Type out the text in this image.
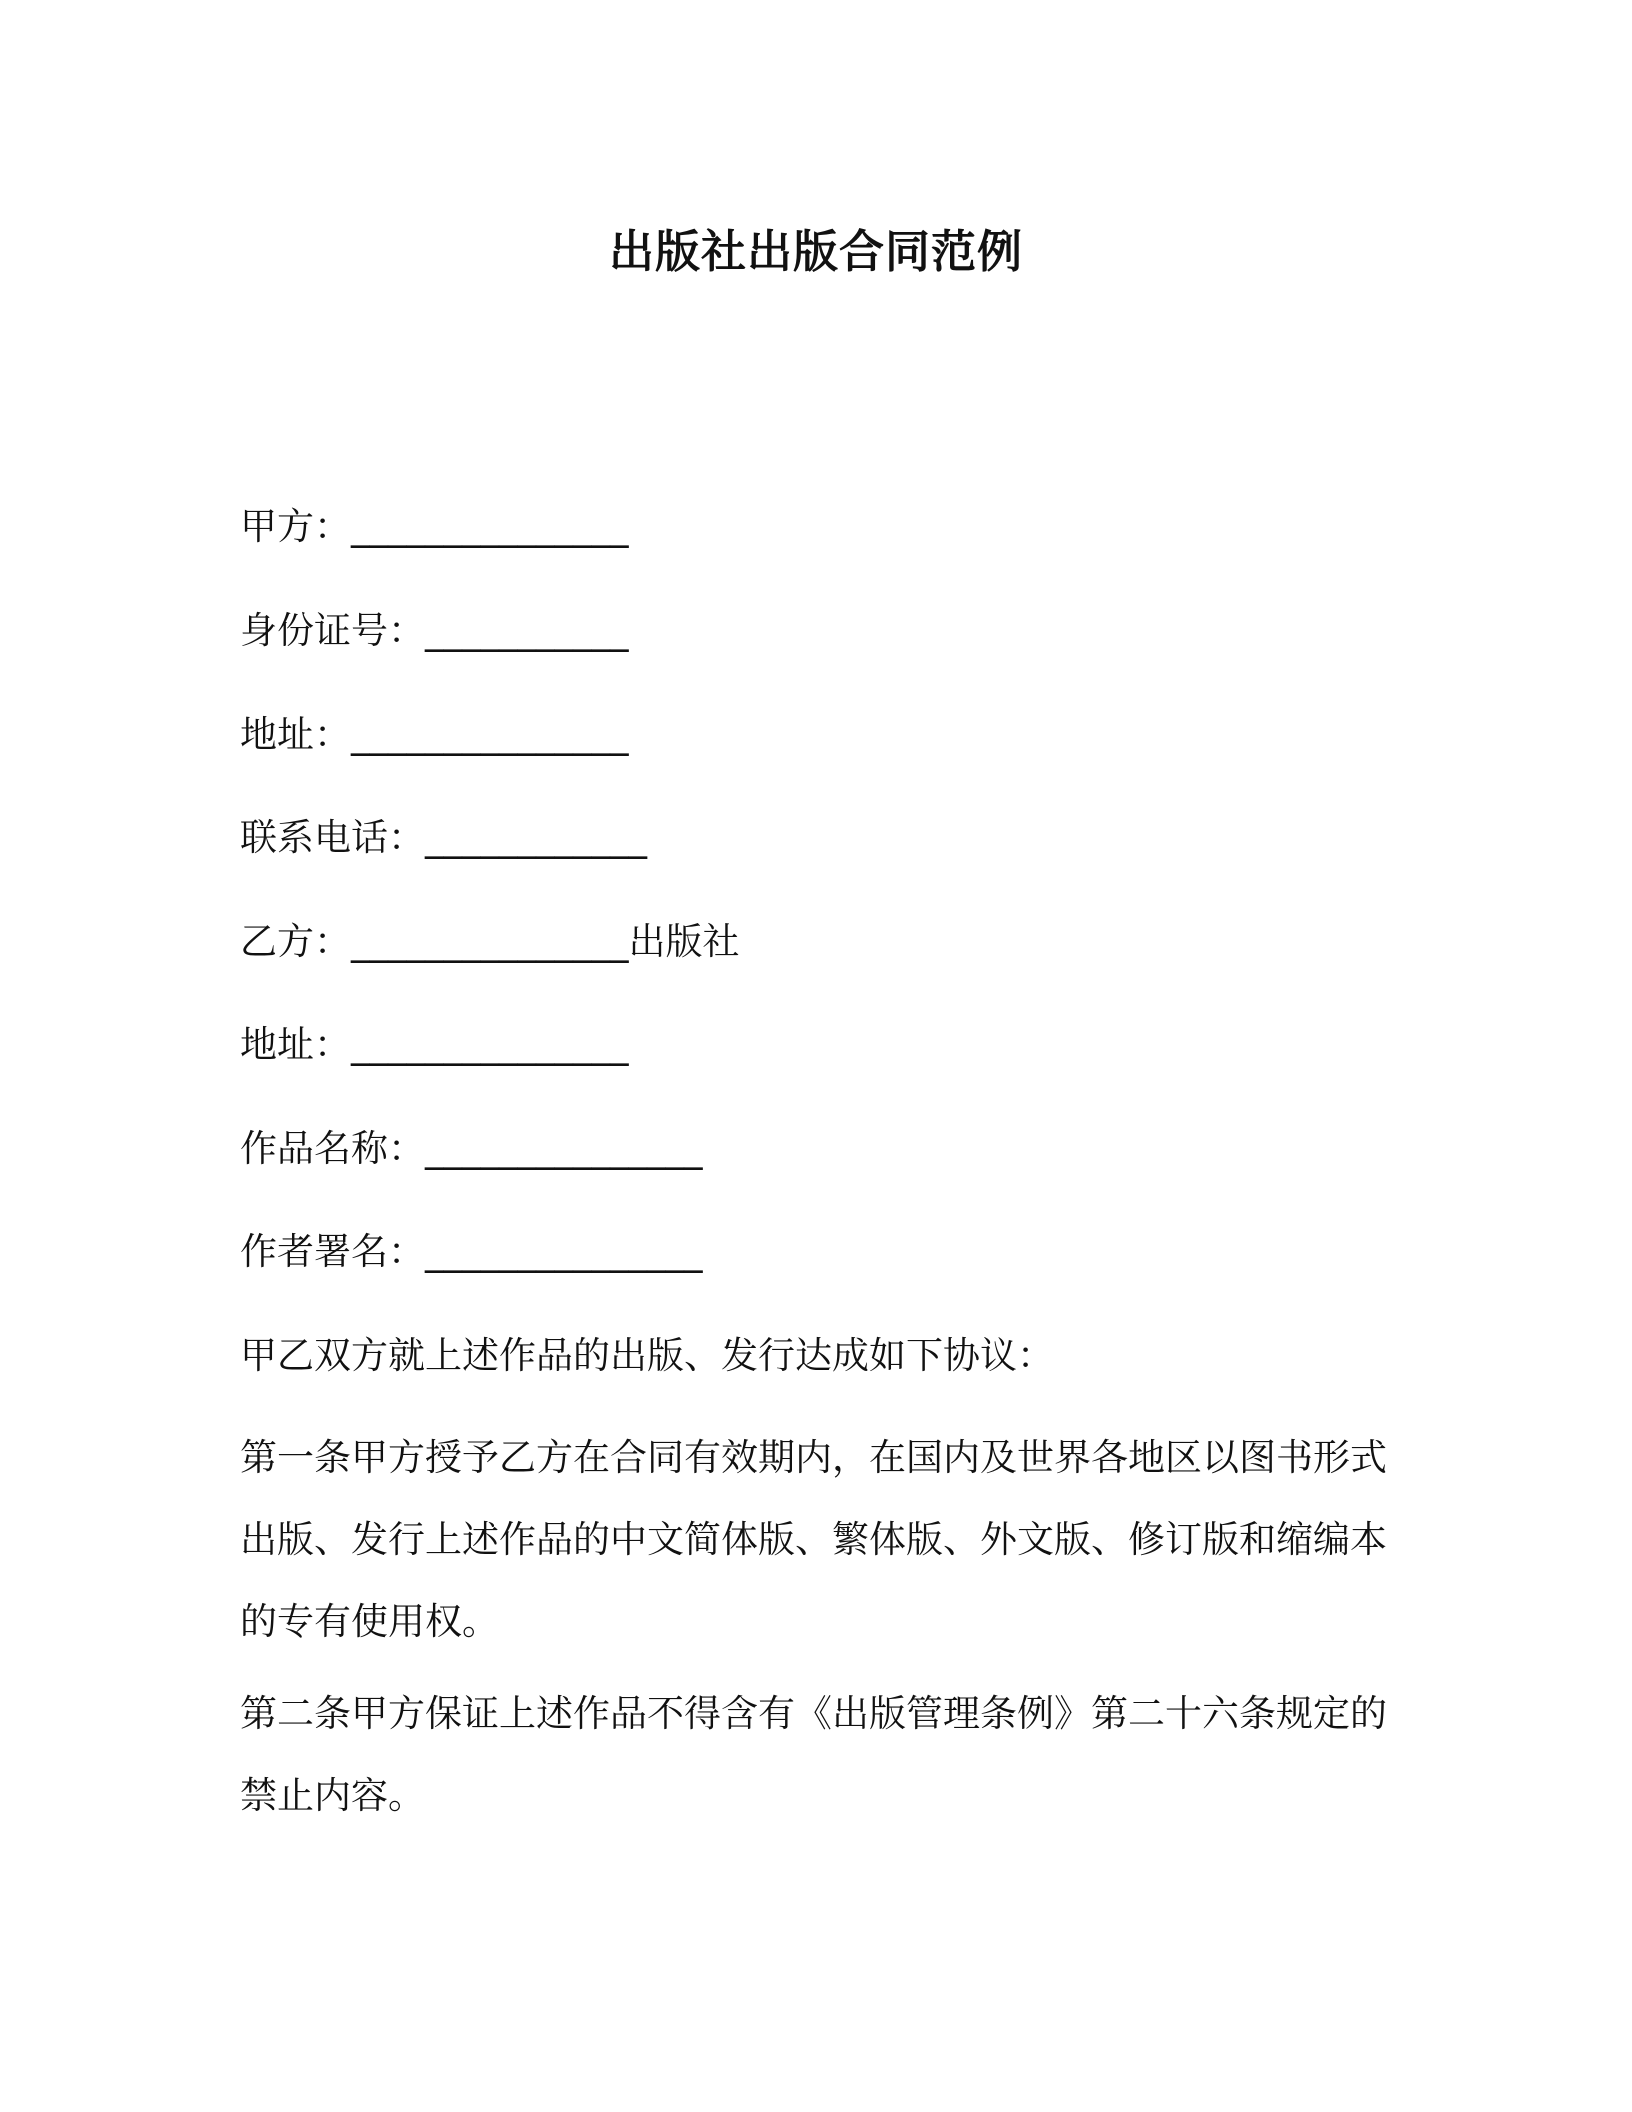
出版社出版合同范例
甲方：_______________
身份证号：___________
地址：_______________
联系电话：____________
乙方：_______________出版社
地址：_______________
作品名称：_______________
作者署名：_______________
甲乙双方就上述作品的出版、发行达成如下协议：
第一条甲方授予乙方在合同有效期内，在国内及世界各地区以图书形式出版、发行上述作品的中文简体版、繁体版、外文版、修订版和缩编本的专有使用权。
第二条甲方保证上述作品不得含有《出版管理条例》第二十六条规定的禁止内容。
